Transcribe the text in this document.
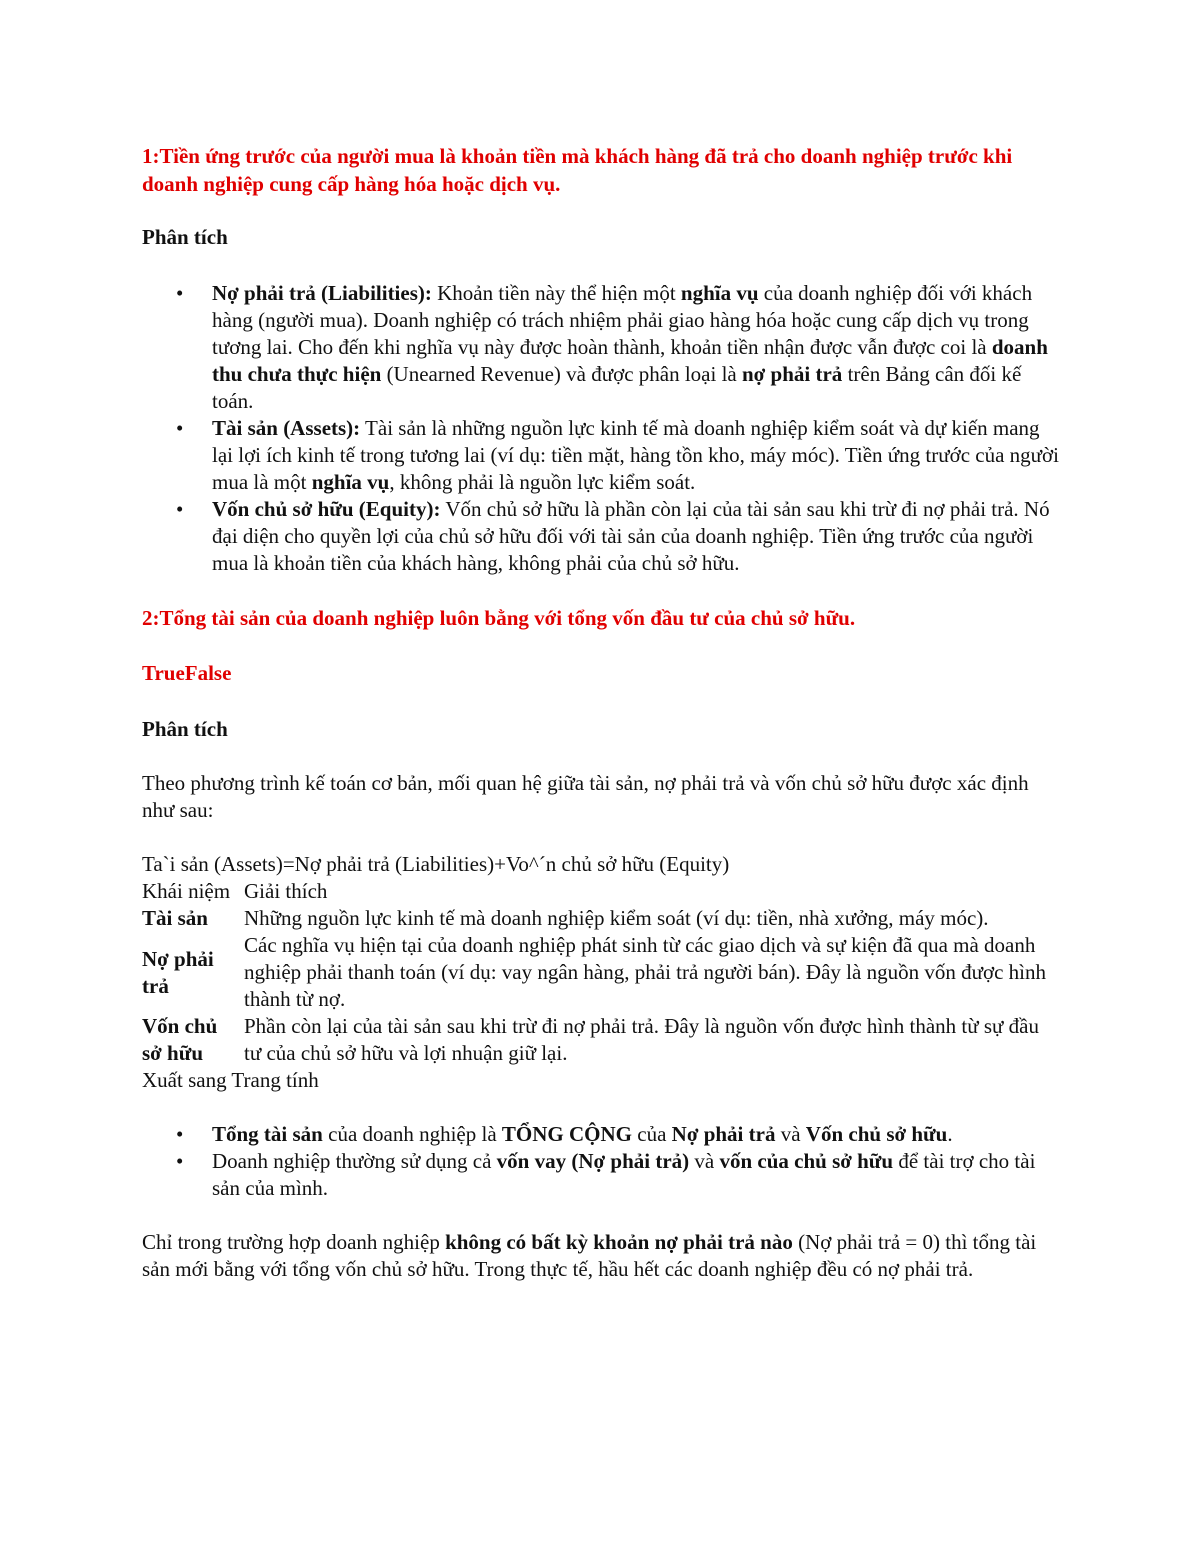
1:Tiền ứng trước của người mua là khoản tiền mà khách hàng đã trả cho doanh nghiệp trước khi doanh nghiệp cung cấp hàng hóa hoặc dịch vụ.

Phân tích

• Nợ phải trả (Liabilities): Khoản tiền này thể hiện một nghĩa vụ của doanh nghiệp đối với khách hàng (người mua). Doanh nghiệp có trách nhiệm phải giao hàng hóa hoặc cung cấp dịch vụ trong tương lai. Cho đến khi nghĩa vụ này được hoàn thành, khoản tiền nhận được vẫn được coi là doanh thu chưa thực hiện (Unearned Revenue) và được phân loại là nợ phải trả trên Bảng cân đối kế toán.
• Tài sản (Assets): Tài sản là những nguồn lực kinh tế mà doanh nghiệp kiểm soát và dự kiến mang lại lợi ích kinh tế trong tương lai (ví dụ: tiền mặt, hàng tồn kho, máy móc). Tiền ứng trước của người mua là một nghĩa vụ, không phải là nguồn lực kiểm soát.
• Vốn chủ sở hữu (Equity): Vốn chủ sở hữu là phần còn lại của tài sản sau khi trừ đi nợ phải trả. Nó đại diện cho quyền lợi của chủ sở hữu đối với tài sản của doanh nghiệp. Tiền ứng trước của người mua là khoản tiền của khách hàng, không phải của chủ sở hữu.

2:Tổng tài sản của doanh nghiệp luôn bằng với tổng vốn đầu tư của chủ sở hữu.

TrueFalse

Phân tích

Theo phương trình kế toán cơ bản, mối quan hệ giữa tài sản, nợ phải trả và vốn chủ sở hữu được xác định như sau:

Ta`i sản (Assets)=Nợ phải trả (Liabilities)+Vo^´n chủ sở hữu (Equity)

Khái niệm	Giải thích
Tài sản	Những nguồn lực kinh tế mà doanh nghiệp kiểm soát (ví dụ: tiền, nhà xưởng, máy móc).
Nợ phải trả	Các nghĩa vụ hiện tại của doanh nghiệp phát sinh từ các giao dịch và sự kiện đã qua mà doanh nghiệp phải thanh toán (ví dụ: vay ngân hàng, phải trả người bán). Đây là nguồn vốn được hình thành từ nợ.
Vốn chủ sở hữu	Phần còn lại của tài sản sau khi trừ đi nợ phải trả. Đây là nguồn vốn được hình thành từ sự đầu tư của chủ sở hữu và lợi nhuận giữ lại.

Xuất sang Trang tính

• Tổng tài sản của doanh nghiệp là TỔNG CỘNG của Nợ phải trả và Vốn chủ sở hữu.
• Doanh nghiệp thường sử dụng cả vốn vay (Nợ phải trả) và vốn của chủ sở hữu để tài trợ cho tài sản của mình.

Chỉ trong trường hợp doanh nghiệp không có bất kỳ khoản nợ phải trả nào (Nợ phải trả = 0) thì tổng tài sản mới bằng với tổng vốn chủ sở hữu. Trong thực tế, hầu hết các doanh nghiệp đều có nợ phải trả.
